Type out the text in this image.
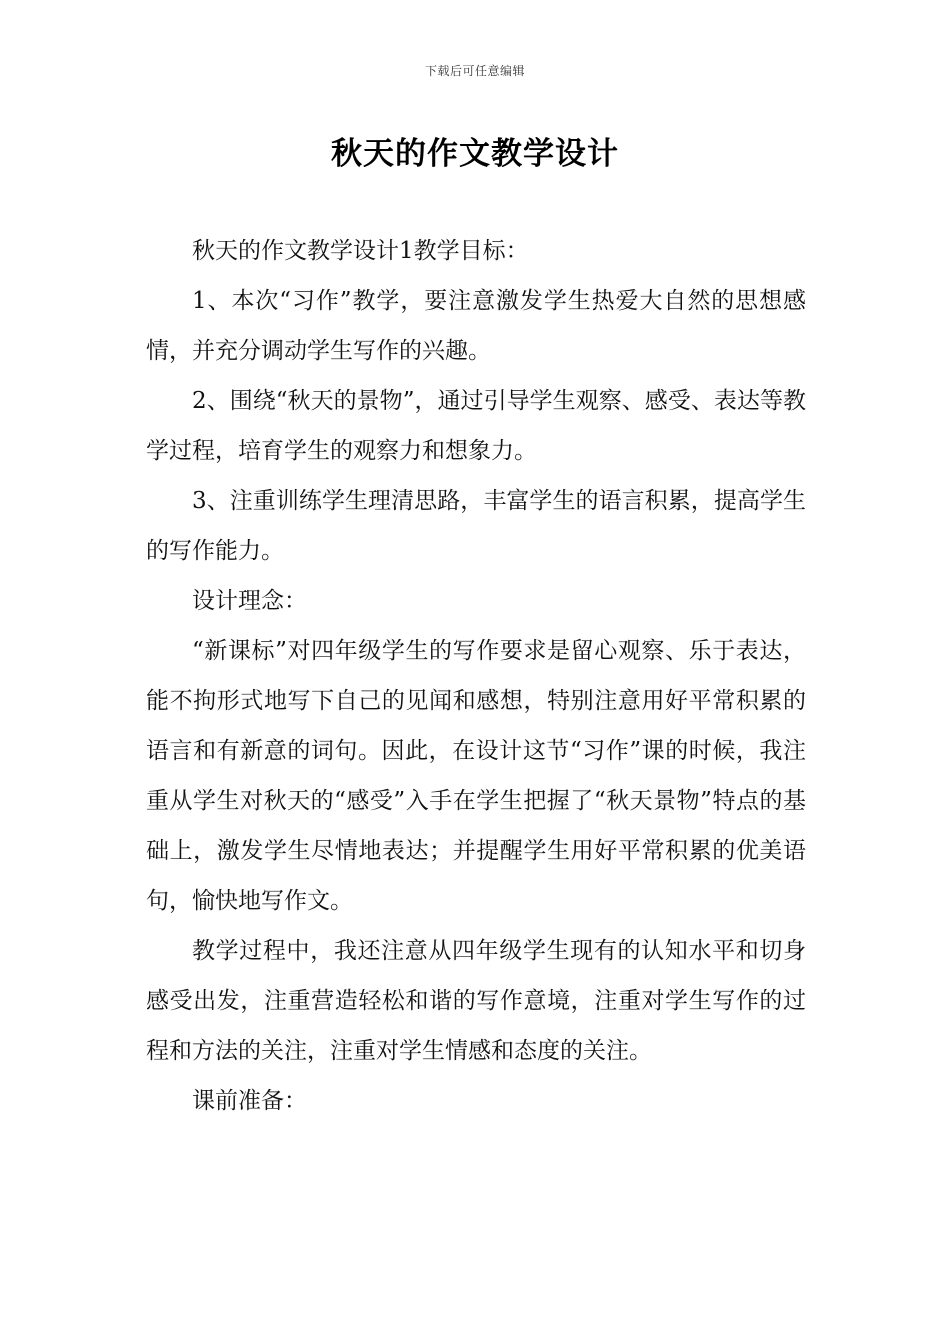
下载后可任意编辑
秋天的作文教学设计

秋天的作文教学设计1教学目标：

1、本次“习作”教学，要注意激发学生热爱大自然的思想感情，并充分调动学生写作的兴趣。

2、围绕“秋天的景物”，通过引导学生观察、感受、表达等教学过程，培育学生的观察力和想象力。

3、注重训练学生理清思路，丰富学生的语言积累，提高学生的写作能力。

设计理念：

“新课标”对四年级学生的写作要求是留心观察、乐于表达，能不拘形式地写下自己的见闻和感想，特别注意用好平常积累的语言和有新意的词句。因此，在设计这节“习作”课的时候，我注重从学生对秋天的“感受”入手在学生把握了“秋天景物”特点的基础上，激发学生尽情地表达；并提醒学生用好平常积累的优美语句，愉快地写作文。

教学过程中，我还注意从四年级学生现有的认知水平和切身感受出发，注重营造轻松和谐的写作意境，注重对学生写作的过程和方法的关注，注重对学生情感和态度的关注。

课前准备：
